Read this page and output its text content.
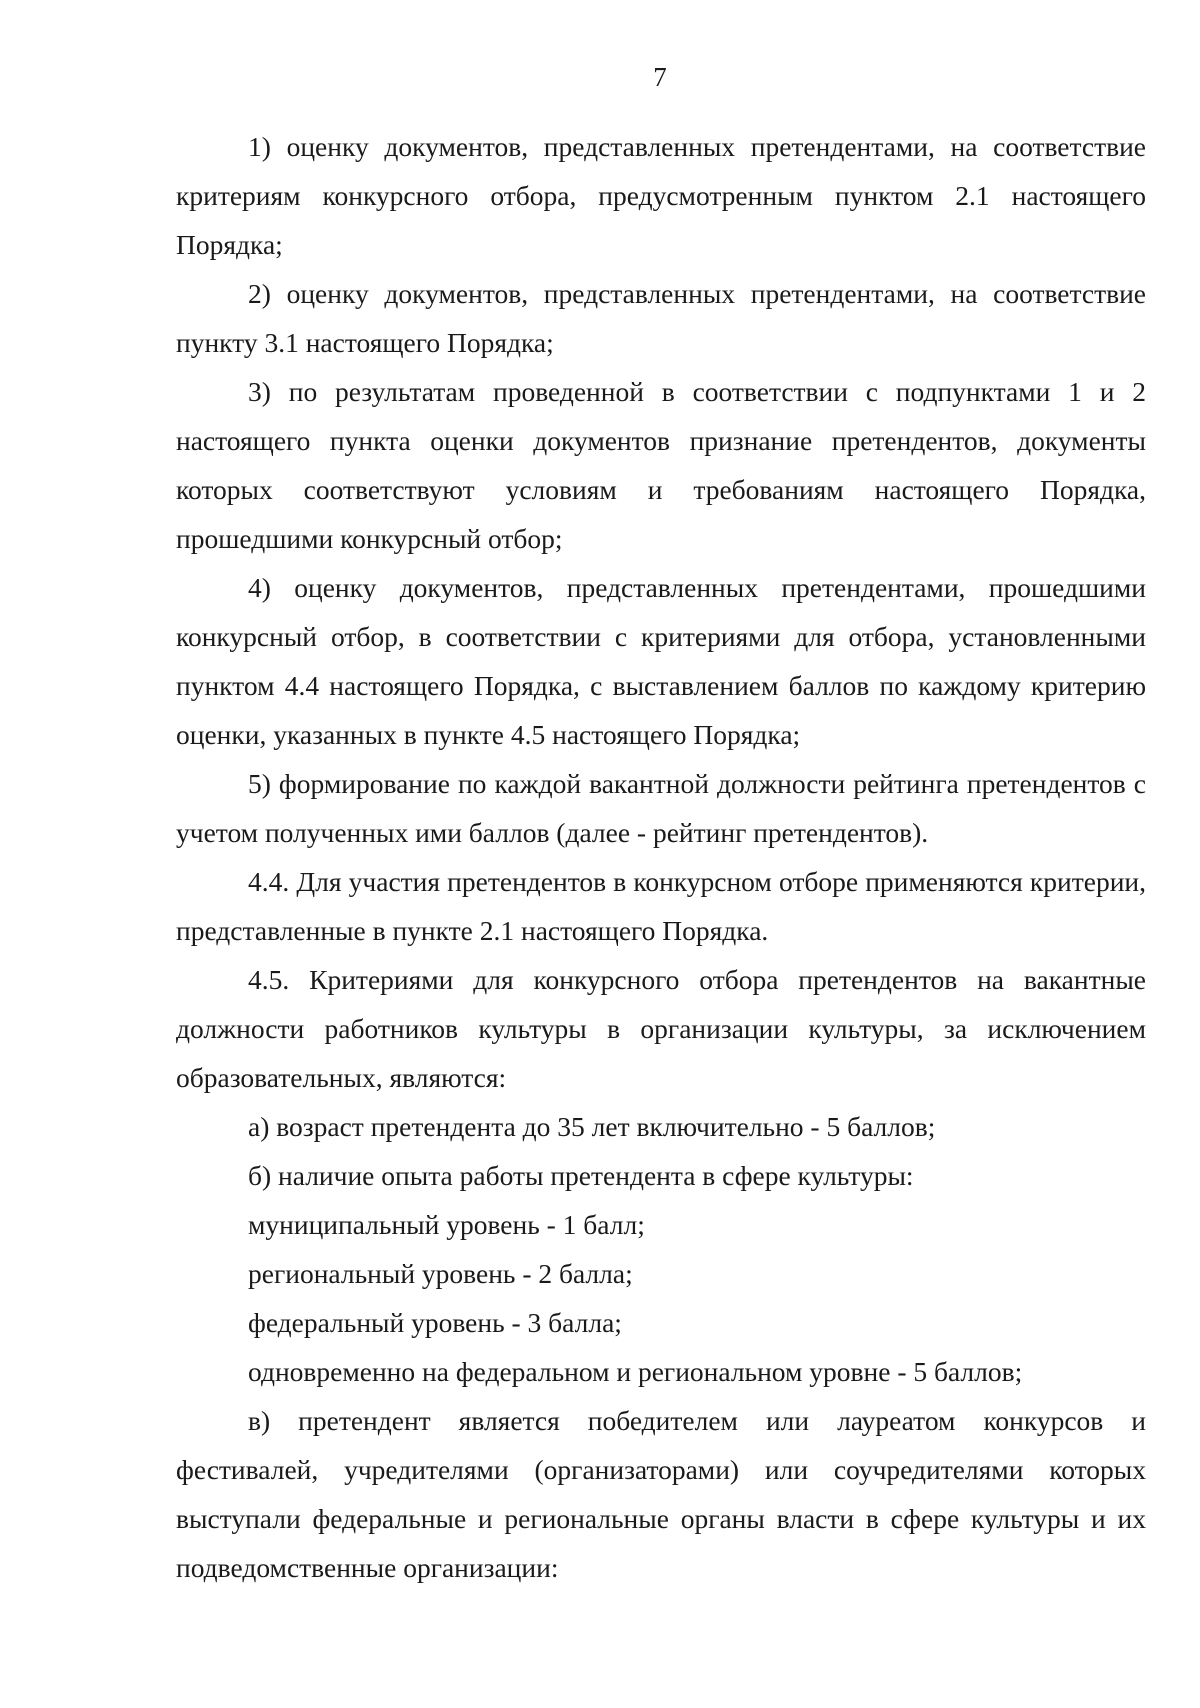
7

1) оценку документов, представленных претендентами, на соответствие критериям конкурсного отбора, предусмотренным пунктом 2.1 настоящего Порядка;

2) оценку документов, представленных претендентами, на соответствие пункту 3.1 настоящего Порядка;

3) по результатам проведенной в соответствии с подпунктами 1 и 2 настоящего пункта оценки документов признание претендентов, документы которых соответствуют условиям и требованиям настоящего Порядка, прошедшими конкурсный отбор;

4) оценку документов, представленных претендентами, прошедшими конкурсный отбор, в соответствии с критериями для отбора, установленными пунктом 4.4 настоящего Порядка, с выставлением баллов по каждому критерию оценки, указанных в пункте 4.5 настоящего Порядка;

5) формирование по каждой вакантной должности рейтинга претендентов с учетом полученных ими баллов (далее - рейтинг претендентов).

4.4. Для участия претендентов в конкурсном отборе применяются критерии, представленные в пункте 2.1 настоящего Порядка.

4.5. Критериями для конкурсного отбора претендентов на вакантные должности работников культуры в организации культуры, за исключением образовательных, являются:

а) возраст претендента до 35 лет включительно - 5 баллов;

б) наличие опыта работы претендента в сфере культуры:

муниципальный уровень - 1 балл;

региональный уровень - 2 балла;

федеральный уровень - 3 балла;

одновременно на федеральном и региональном уровне - 5 баллов;

в) претендент является победителем или лауреатом конкурсов и фестивалей, учредителями (организаторами) или соучредителями которых выступали федеральные и региональные органы власти в сфере культуры и их подведомственные организации:
